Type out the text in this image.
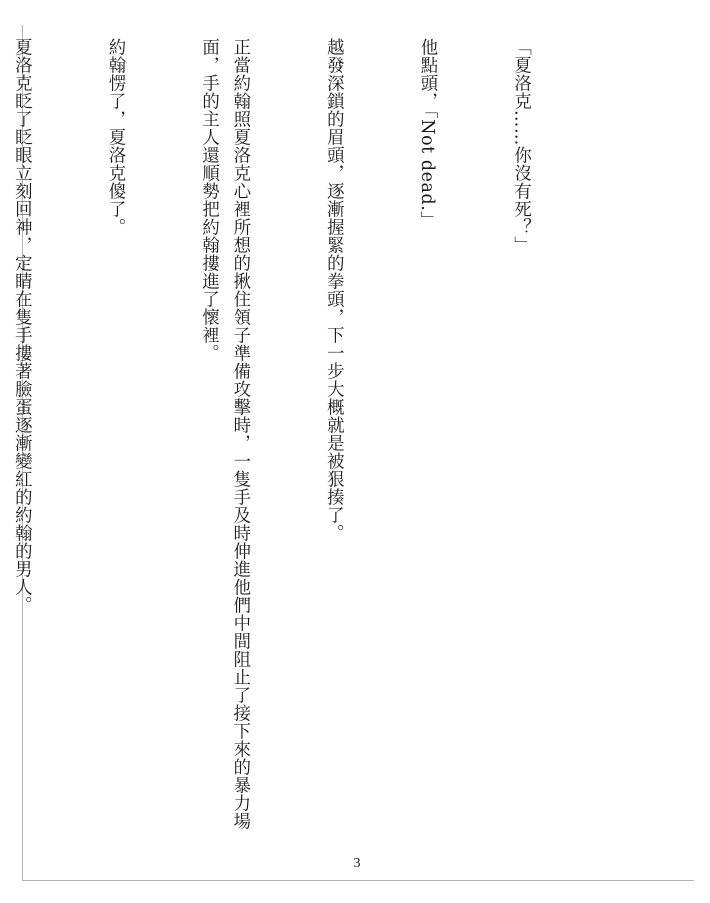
「夏洛克……你沒有死？」

他點頭，「Not dead.」

越發深鎖的眉頭，逐漸握緊的拳頭，下一步大概就是被狠揍了。

正當約翰照夏洛克心裡所想的揪住領子準備攻擊時，一隻手及時伸進他們中間阻止了接下來的暴力場面，手的主人還順勢把約翰摟進了懷裡。

約翰愣了，夏洛克傻了。

夏洛克眨了眨眼立刻回神，定睛在隻手摟著臉蛋逐漸變紅的約翰的男人。

3
